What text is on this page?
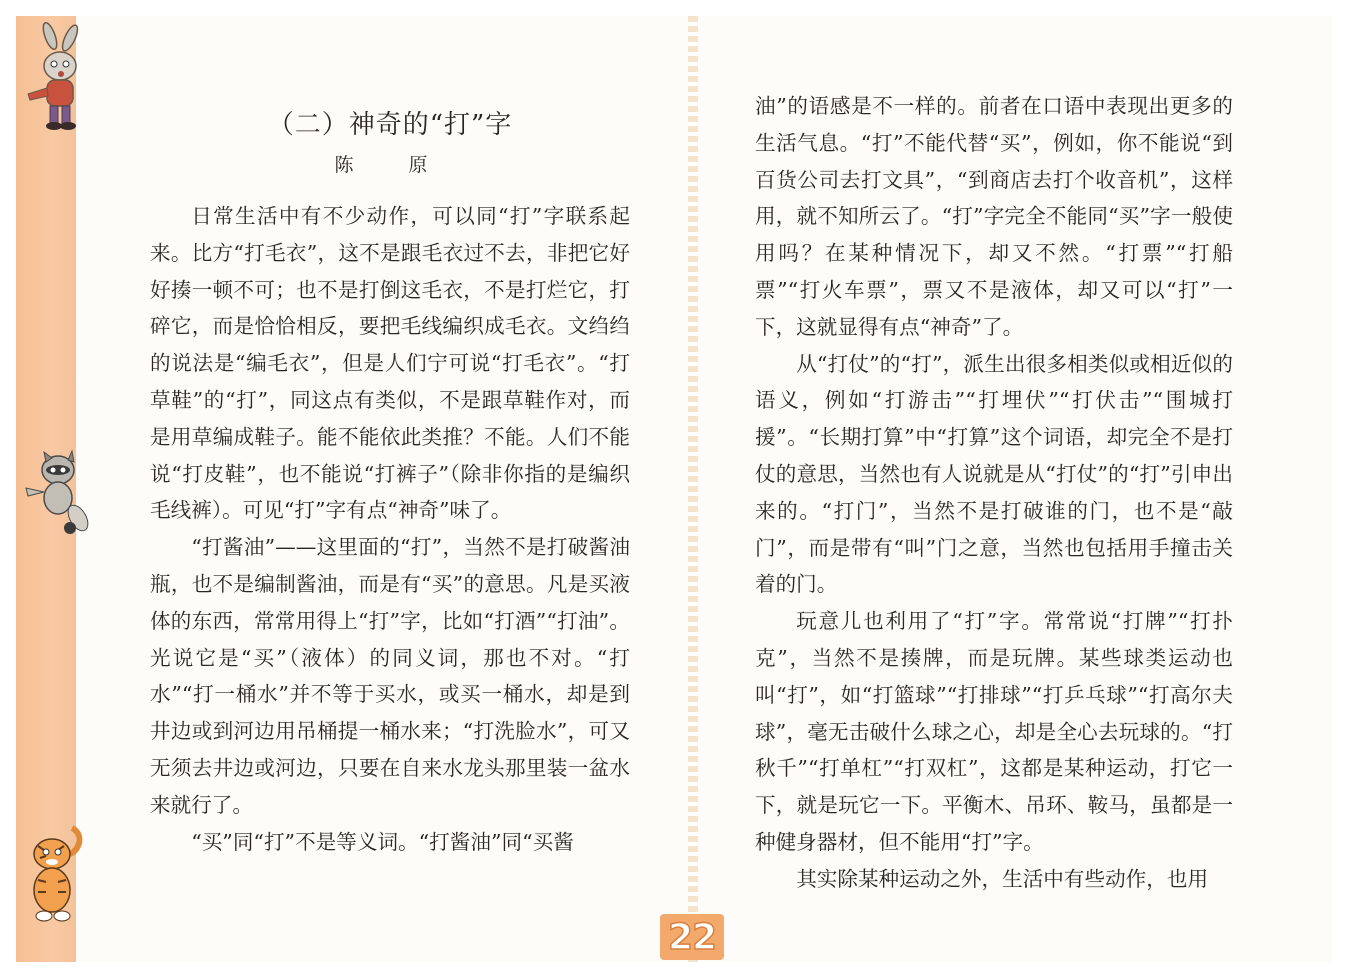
（二）神奇的“打”字
陈　原

日常生活中有不少动作，可以同“打”字联系起来。比方“打毛衣”，这不是跟毛衣过不去，非把它好好揍一顿不可；也不是打倒这毛衣，不是打烂它，打碎它，而是恰恰相反，要把毛线编织成毛衣。文绉绉的说法是“编毛衣”，但是人们宁可说“打毛衣”。“打草鞋”的“打”，同这点有类似，不是跟草鞋作对，而是用草编成鞋子。能不能依此类推？不能。人们不能说“打皮鞋”，也不能说“打裤子”（除非你指的是编织毛线裤）。可见“打”字有点“神奇”味了。

“打酱油”——这里面的“打”，当然不是打破酱油瓶，也不是编制酱油，而是有“买”的意思。凡是买液体的东西，常常用得上“打”字，比如“打酒”“打油”。光说它是“买”（液体）的同义词，那也不对。“打水”“打一桶水”并不等于买水，或买一桶水，却是到井边或到河边用吊桶提一桶水来；“打洗脸水”，可又无须去井边或河边，只要在自来水龙头那里装一盆水来就行了。

“买”同“打”不是等义词。“打酱油”同“买酱

油”的语感是不一样的。前者在口语中表现出更多的生活气息。“打”不能代替“买”，例如，你不能说“到百货公司去打文具”，“到商店去打个收音机”，这样用，就不知所云了。“打”字完全不能同“买”字一般使用吗？在某种情况下，却又不然。“打票”“打船票”“打火车票”，票又不是液体，却又可以“打”一下，这就显得有点“神奇”了。

从“打仗”的“打”，派生出很多相类似或相近似的语义，例如“打游击”“打埋伏”“打伏击”“围城打援”。“长期打算”中“打算”这个词语，却完全不是打仗的意思，当然也有人说就是从“打仗”的“打”引申出来的。“打门”，当然不是打破谁的门，也不是“敲门”，而是带有“叫”门之意，当然也包括用手撞击关着的门。

玩意儿也利用了“打”字。常常说“打牌”“打扑克”，当然不是揍牌，而是玩牌。某些球类运动也叫“打”，如“打篮球”“打排球”“打乒乓球”“打高尔夫球”，毫无击破什么球之心，却是全心去玩球的。“打秋千”“打单杠”“打双杠”，这都是某种运动，打它一下，就是玩它一下。平衡木、吊环、鞍马，虽都是一种健身器材，但不能用“打”字。

其实除某种运动之外，生活中有些动作，也用

22
